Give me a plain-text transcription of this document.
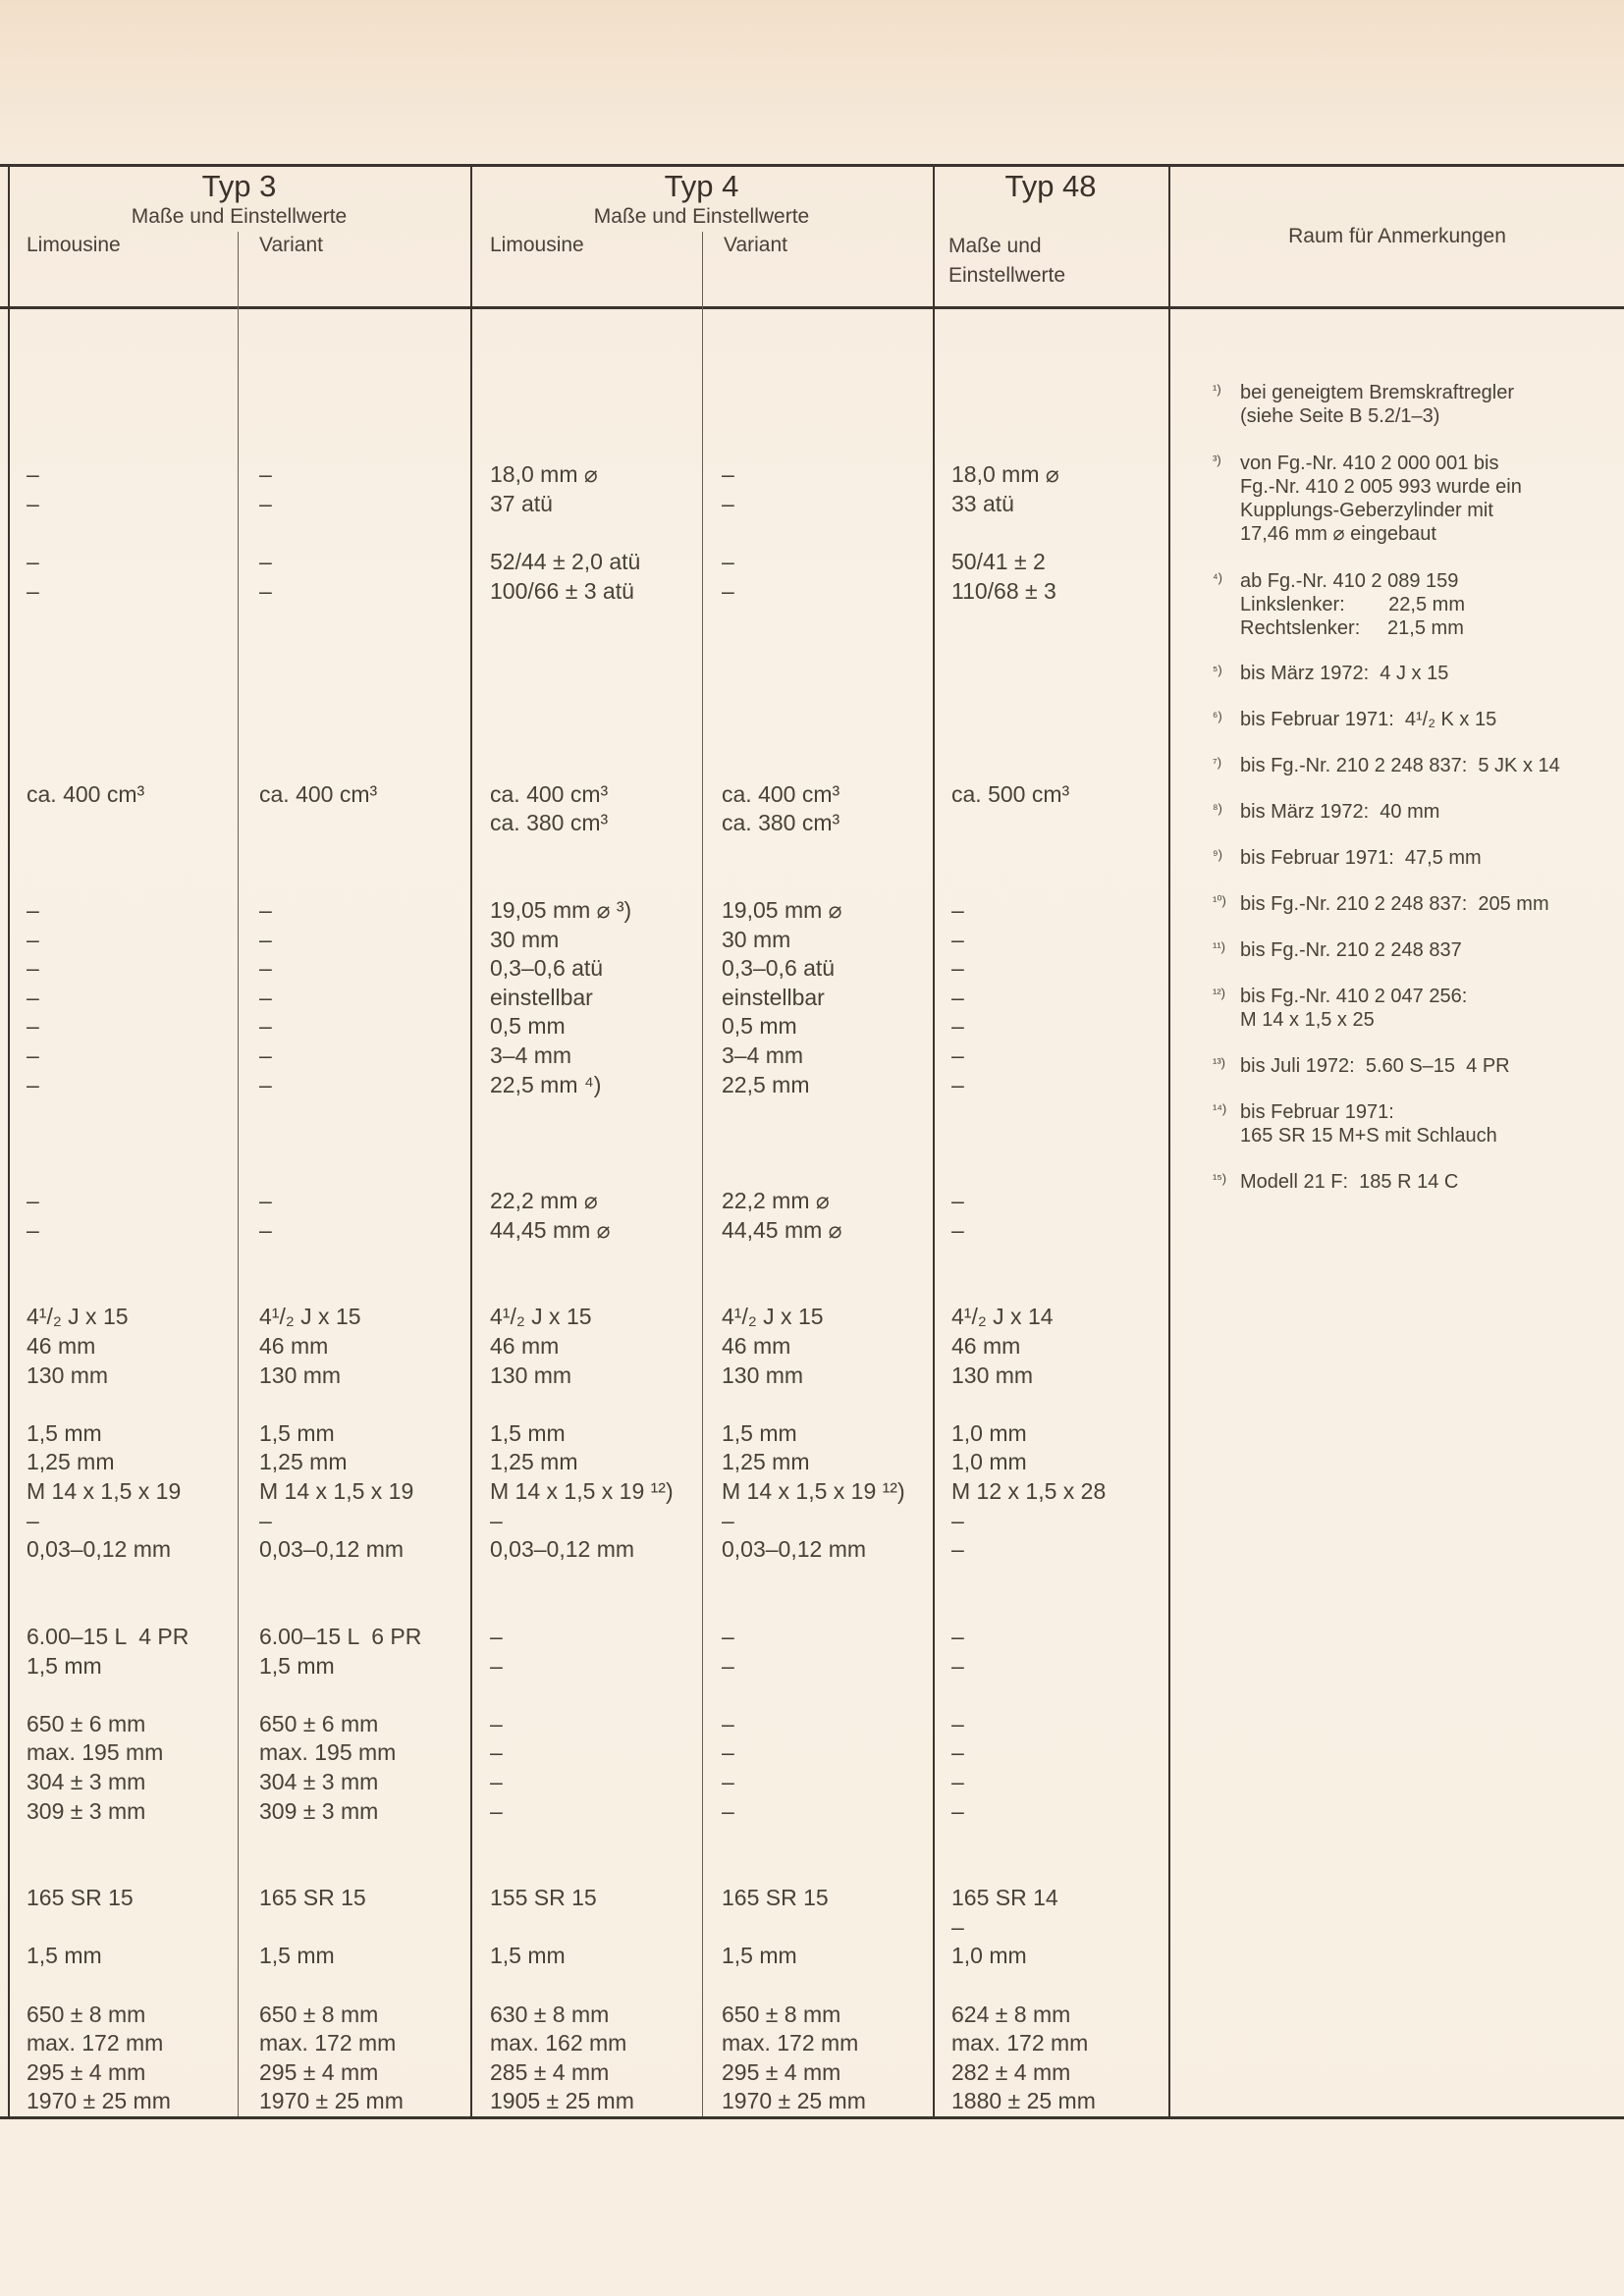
Typ 3
Maße und Einstellwerte
Limousine	Variant
Typ 4
Maße und Einstellwerte
Limousine	Variant
Typ 48
Maße und
Einstellwerte
Raum für Anmerkungen
–
–
–
–
ca. 400 cm³
–
–
–
–
–
–
–
–
–
4¹/₂ J x 15
46 mm
130 mm
1,5 mm
1,25 mm
M 14 x 1,5 x 19
–
0,03–0,12 mm
6.00–15 L  4 PR
1,5 mm
650 ± 6 mm
max. 195 mm
304 ± 3 mm
309 ± 3 mm
165 SR 15
1,5 mm
650 ± 8 mm
max. 172 mm
295 ± 4 mm
1970 ± 25 mm
–
–
–
–
ca. 400 cm³
–
–
–
–
–
–
–
–
–
4¹/₂ J x 15
46 mm
130 mm
1,5 mm
1,25 mm
M 14 x 1,5 x 19
–
0,03–0,12 mm
6.00–15 L  6 PR
1,5 mm
650 ± 6 mm
max. 195 mm
304 ± 3 mm
309 ± 3 mm
165 SR 15
1,5 mm
650 ± 8 mm
max. 172 mm
295 ± 4 mm
1970 ± 25 mm
18,0 mm ⌀
37 atü
52/44 ± 2,0 atü
100/66 ± 3 atü
ca. 400 cm³
ca. 380 cm³
19,05 mm ⌀ ³)
30 mm
0,3–0,6 atü
einstellbar
0,5 mm
3–4 mm
22,5 mm ⁴)
22,2 mm ⌀
44,45 mm ⌀
4¹/₂ J x 15
46 mm
130 mm
1,5 mm
1,25 mm
M 14 x 1,5 x 19 ¹²)
–
0,03–0,12 mm
–
–
–
–
–
–
155 SR 15
1,5 mm
630 ± 8 mm
max. 162 mm
285 ± 4 mm
1905 ± 25 mm
–
–
–
–
ca. 400 cm³
ca. 380 cm³
19,05 mm ⌀
30 mm
0,3–0,6 atü
einstellbar
0,5 mm
3–4 mm
22,5 mm
22,2 mm ⌀
44,45 mm ⌀
4¹/₂ J x 15
46 mm
130 mm
1,5 mm
1,25 mm
M 14 x 1,5 x 19 ¹²)
–
0,03–0,12 mm
–
–
–
–
–
–
165 SR 15
1,5 mm
650 ± 8 mm
max. 172 mm
295 ± 4 mm
1970 ± 25 mm
18,0 mm ⌀
33 atü
50/41 ± 2
110/68 ± 3
ca. 500 cm³
–
–
–
–
–
–
–
–
–
4¹/₂ J x 14
46 mm
130 mm
1,0 mm
1,0 mm
M 12 x 1,5 x 28
–
–
–
–
–
–
–
–
165 SR 14
–
1,0 mm
624 ± 8 mm
max. 172 mm
282 ± 4 mm
1880 ± 25 mm
¹) bei geneigtem Bremskraftregler
(siehe Seite B 5.2/1–3)
³) von Fg.-Nr. 410 2 000 001 bis
Fg.-Nr. 410 2 005 993 wurde ein
Kupplungs-Geberzylinder mit
17,46 mm ⌀ eingebaut
⁴) ab Fg.-Nr. 410 2 089 159
Linkslenker:        22,5 mm
Rechtslenker:     21,5 mm
⁵) bis März 1972:  4 J x 15
⁶) bis Februar 1971:  4¹/₂ K x 15
⁷) bis Fg.-Nr. 210 2 248 837:  5 JK x 14
⁸) bis März 1972:  40 mm
⁹) bis Februar 1971:  47,5 mm
¹⁰) bis Fg.-Nr. 210 2 248 837:  205 mm
¹¹) bis Fg.-Nr. 210 2 248 837
¹²) bis Fg.-Nr. 410 2 047 256:
M 14 x 1,5 x 25
¹³) bis Juli 1972:  5.60 S–15  4 PR
¹⁴) bis Februar 1971:
165 SR 15 M+S mit Schlauch
¹⁵) Modell 21 F:  185 R 14 C
